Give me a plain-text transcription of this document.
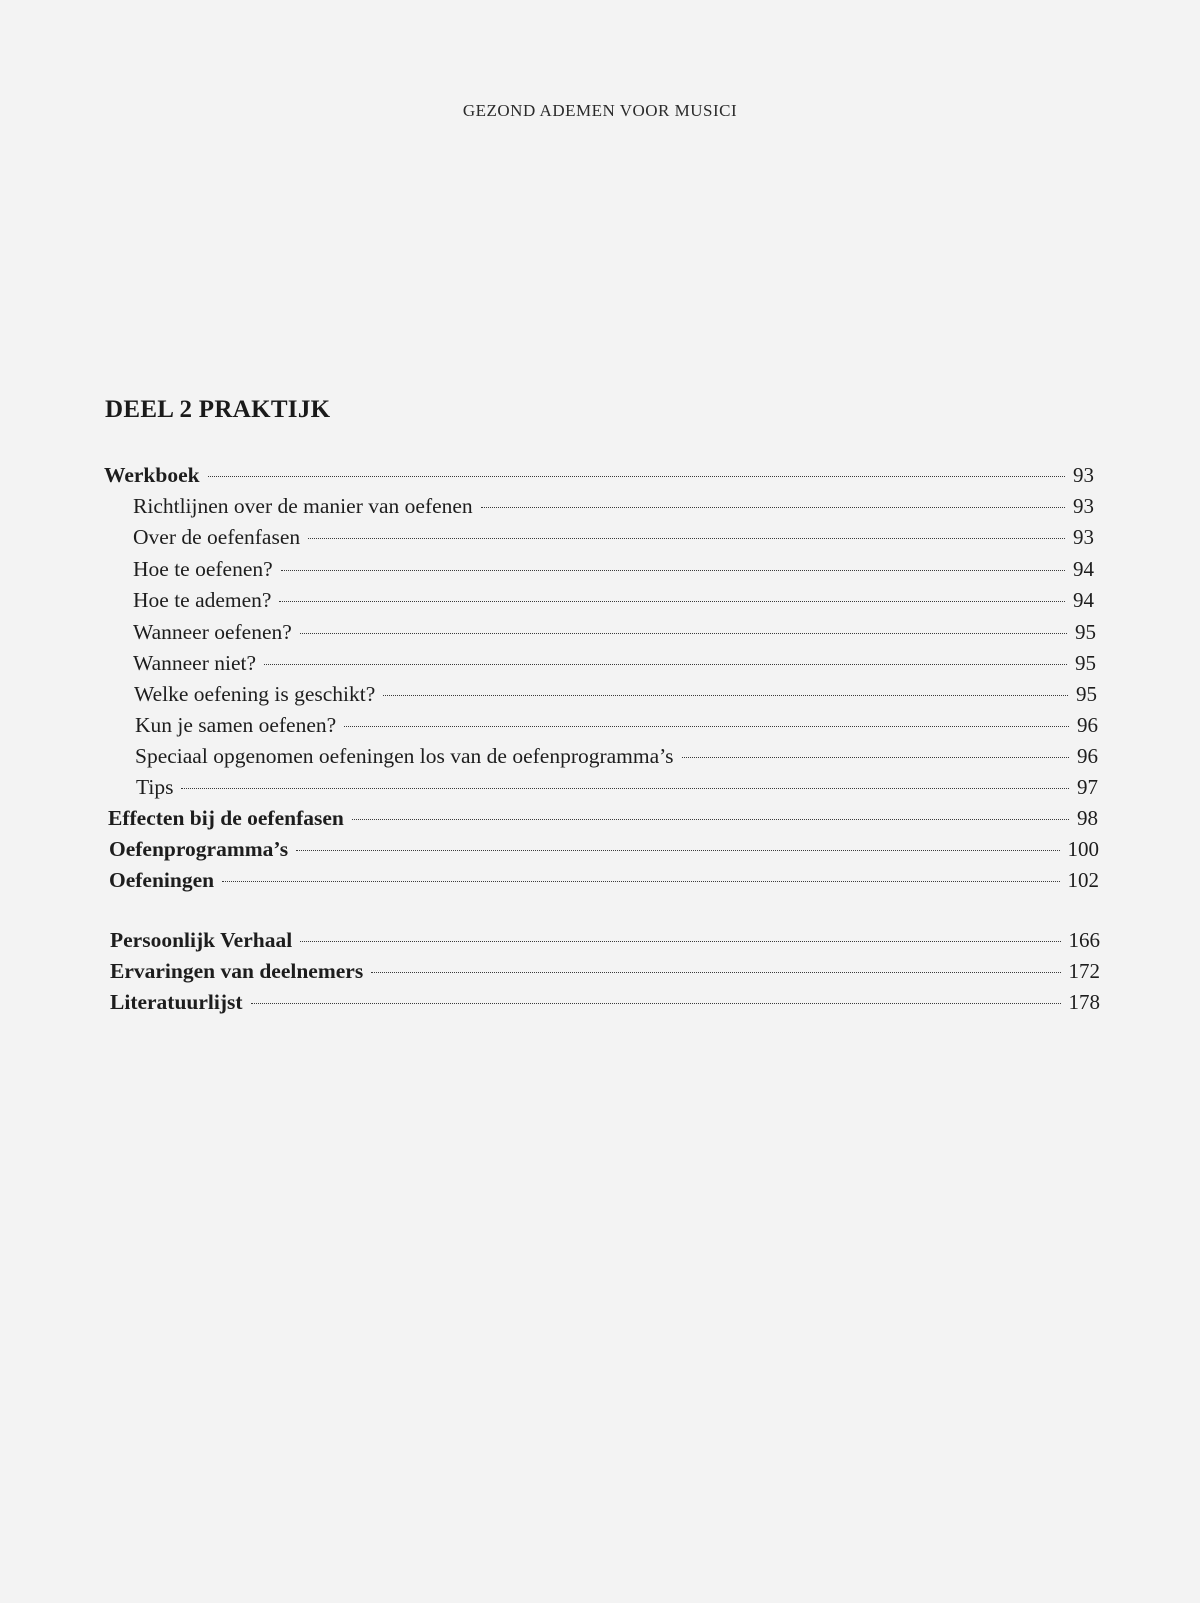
GEZOND ADEMEN VOOR MUSICI
DEEL 2 PRAKTIJK
Werkboek	93
Richtlijnen over de manier van oefenen	93
Over de oefenfasen	93
Hoe te oefenen?	94
Hoe te ademen?	94
Wanneer oefenen?	95
Wanneer niet?	95
Welke oefening is geschikt?	95
Kun je samen oefenen?	96
Speciaal opgenomen oefeningen los van de oefenprogramma’s	96
Tips	97
Effecten bij de oefenfasen	98
Oefenprogramma’s	100
Oefeningen	102
Persoonlijk Verhaal	166
Ervaringen van deelnemers	172
Literatuurlijst	178
